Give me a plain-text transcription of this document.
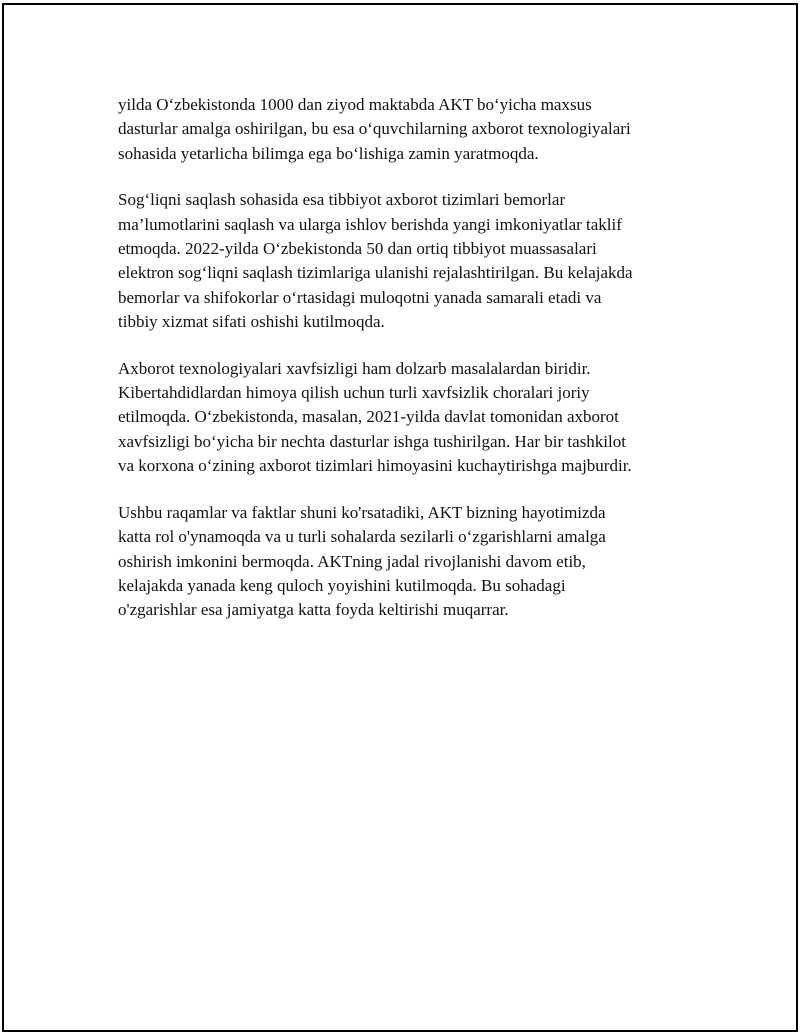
yilda O‘zbekistonda 1000 dan ziyod maktabda AKT bo‘yicha maxsus
dasturlar amalga oshirilgan, bu esa o‘quvchilarning axborot texnologiyalari
sohasida yetarlicha bilimga ega bo‘lishiga zamin yaratmoqda.

Sog‘liqni saqlash sohasida esa tibbiyot axborot tizimlari bemorlar
ma’lumotlarini saqlash va ularga ishlov berishda yangi imkoniyatlar taklif
etmoqda. 2022-yilda O‘zbekistonda 50 dan ortiq tibbiyot muassasalari
elektron sog‘liqni saqlash tizimlariga ulanishi rejalashtirilgan. Bu kelajakda
bemorlar va shifokorlar o‘rtasidagi muloqotni yanada samarali etadi va
tibbiy xizmat sifati oshishi kutilmoqda.

Axborot texnologiyalari xavfsizligi ham dolzarb masalalardan biridir.
Kibertahdidlardan himoya qilish uchun turli xavfsizlik choralari joriy
etilmoqda. O‘zbekistonda, masalan, 2021-yilda davlat tomonidan axborot
xavfsizligi bo‘yicha bir nechta dasturlar ishga tushirilgan. Har bir tashkilot
va korxona o‘zining axborot tizimlari himoyasini kuchaytirishga majburdir.

Ushbu raqamlar va faktlar shuni ko'rsatadiki, AKT bizning hayotimizda
katta rol o'ynamoqda va u turli sohalarda sezilarli o‘zgarishlarni amalga
oshirish imkonini bermoqda. AKTning jadal rivojlanishi davom etib,
kelajakda yanada keng quloch yoyishini kutilmoqda. Bu sohadagi
o'zgarishlar esa jamiyatga katta foyda keltirishi muqarrar.
